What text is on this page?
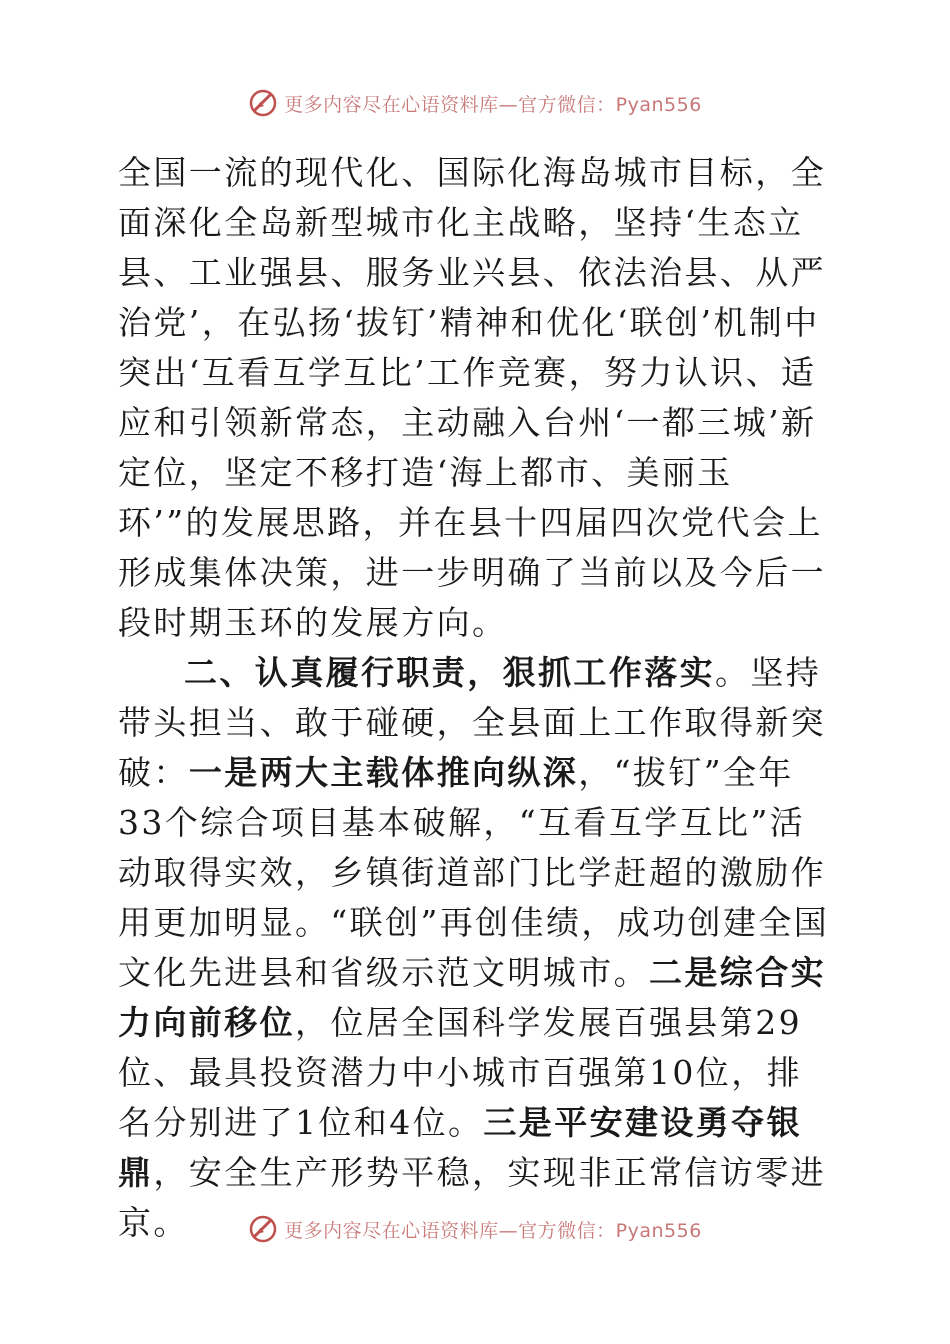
更多内容尽在心语资料库—官方微信：Pyan556

全国一流的现代化、国际化海岛城市目标，全面深化全岛新型城市化主战略，坚持‘生态立县、工业强县、服务业兴县、依法治县、从严治党’，在弘扬‘拔钉’精神和优化‘联创’机制中突出‘互看互学互比’工作竞赛，努力认识、适应和引领新常态，主动融入台州‘一都三城’新定位，坚定不移打造‘海上都市、美丽玉环’”的发展思路，并在县十四届四次党代会上形成集体决策，进一步明确了当前以及今后一段时期玉环的发展方向。

二、认真履行职责，狠抓工作落实。坚持带头担当、敢于碰硬，全县面上工作取得新突破：一是两大主载体推向纵深，“拔钉”全年33个综合项目基本破解，“互看互学互比”活动取得实效，乡镇街道部门比学赶超的激励作用更加明显。“联创”再创佳绩，成功创建全国文化先进县和省级示范文明城市。二是综合实力向前移位，位居全国科学发展百强县第29位、最具投资潜力中小城市百强第10位，排名分别进了1位和4位。三是平安建设勇夺银鼎，安全生产形势平稳，实现非正常信访零进京。	更多内容尽在心语资料库—官方微信：Pyan556
